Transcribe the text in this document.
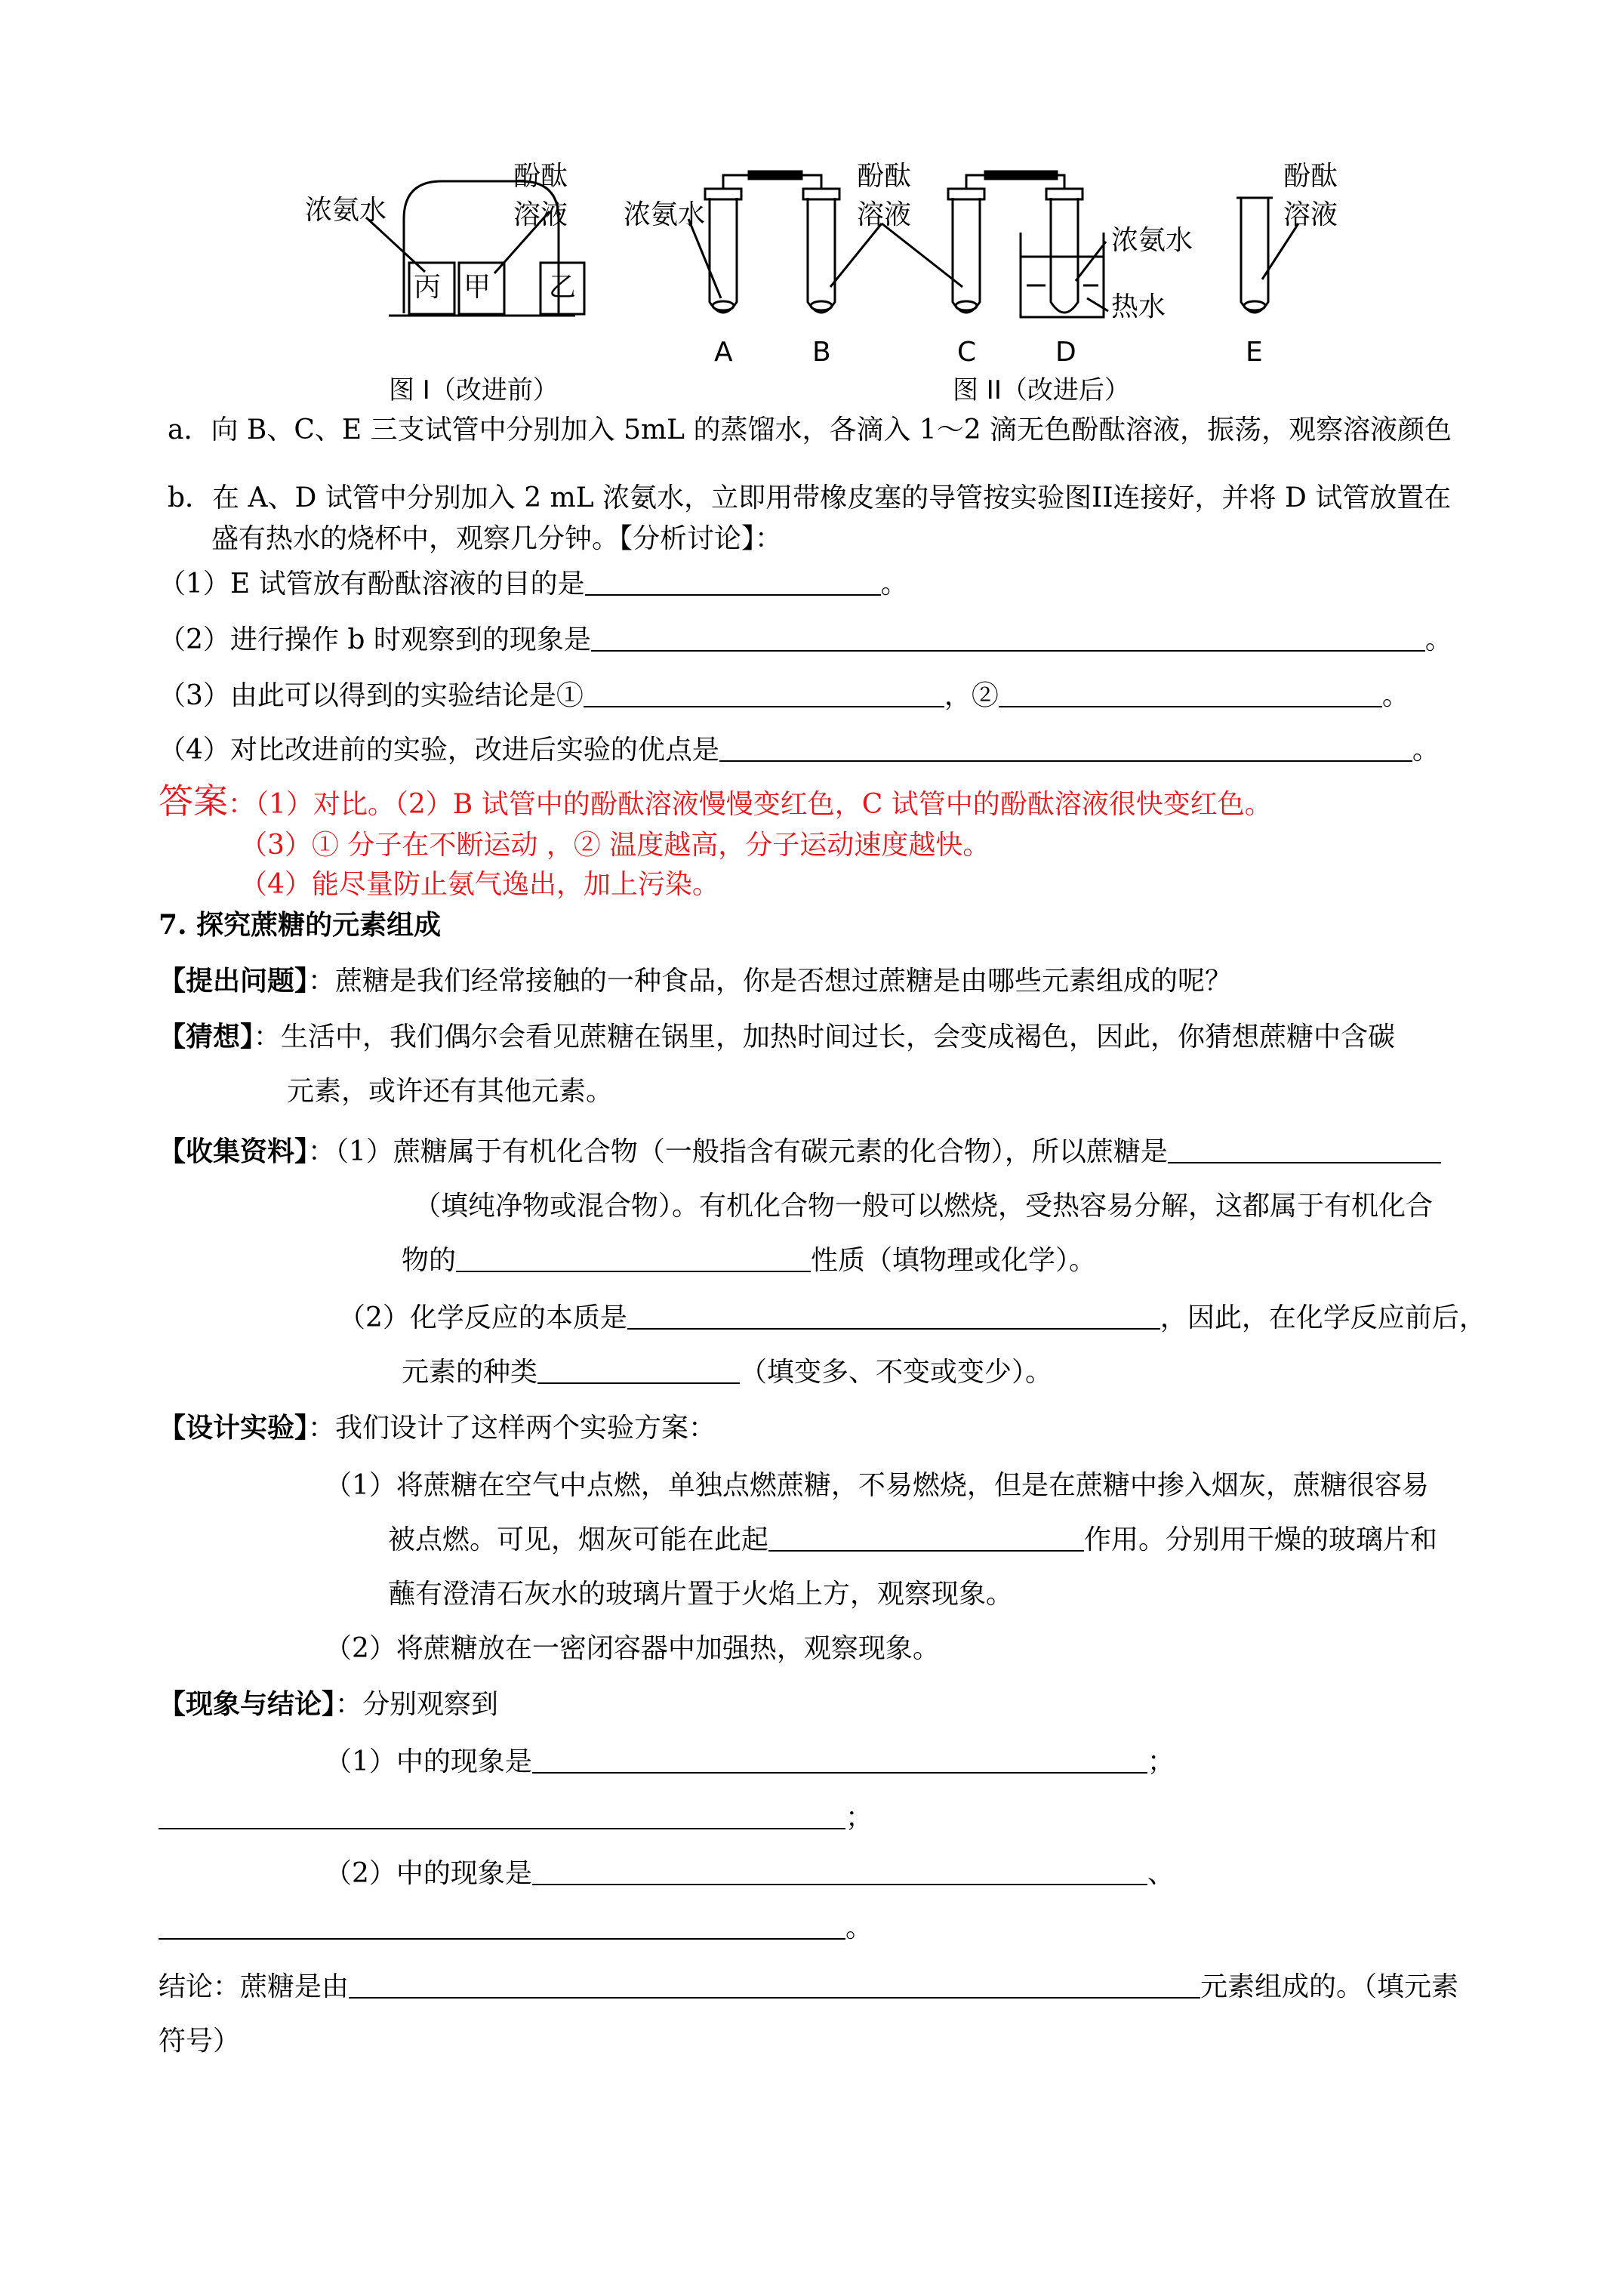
浓氨水
酚酞
溶液
丙 甲 乙
图 I（改进前）
浓氨水
酚酞
溶液
浓氨水
热水
酚酞
溶液
A	B	C	D	E
图 II（改进后）
a．向 B、C、E 三支试管中分别加入 5mL 的蒸馏水，各滴入 1～2 滴无色酚酞溶液，振荡，观察溶液颜色
b．在 A、D 试管中分别加入 2 mL 浓氨水，立即用带橡皮塞的导管按实验图II连接好，并将 D 试管放置在
盛有热水的烧杯中，观察几分钟。【分析讨论】：
（1）E 试管放有酚酞溶液的目的是	。
（2）进行操作 b 时观察到的现象是	。
（3）由此可以得到的实验结论是①	，②	。
（4）对比改进前的实验，改进后实验的优点是	。
答案：（1）对比。（2）B 试管中的酚酞溶液慢慢变红色，C 试管中的酚酞溶液很快变红色。
（3）① 分子在不断运动 ，② 温度越高，分子运动速度越快。
（4）能尽量防止氨气逸出，加上污染。
7. 探究蔗糖的元素组成
【提出问题】：蔗糖是我们经常接触的一种食品，你是否想过蔗糖是由哪些元素组成的呢？
【猜想】：生活中，我们偶尔会看见蔗糖在锅里，加热时间过长，会变成褐色，因此，你猜想蔗糖中含碳
元素，或许还有其他元素。
【收集资料】：（1）蔗糖属于有机化合物（一般指含有碳元素的化合物），所以蔗糖是
（填纯净物或混合物）。有机化合物一般可以燃烧，受热容易分解，这都属于有机化合
物的	性质（填物理或化学）。
（2）化学反应的本质是	，因此，在化学反应前后，
元素的种类	（填变多、不变或变少）。
【设计实验】：我们设计了这样两个实验方案：
（1）将蔗糖在空气中点燃，单独点燃蔗糖，不易燃烧，但是在蔗糖中掺入烟灰，蔗糖很容易
被点燃。可见，烟灰可能在此起	作用。分别用干燥的玻璃片和
蘸有澄清石灰水的玻璃片置于火焰上方，观察现象。
（2）将蔗糖放在一密闭容器中加强热，观察现象。
【现象与结论】：分别观察到
（1）中的现象是	；
；
（2）中的现象是	、
。
结论：蔗糖是由	元素组成的。（填元素
符号）
